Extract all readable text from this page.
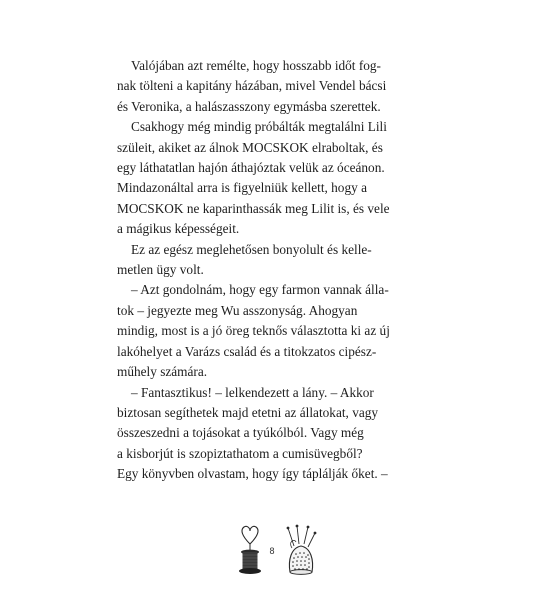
Valójában azt remélte, hogy hosszabb időt fog-
nak tölteni a kapitány házában, mivel Vendel bácsi
és Veronika, a halászasszony egymásba szerettek.
Csakhogy még mindig próbálták megtalálni Lili
szüleit, akiket az álnok MOCSKOK elraboltak, és
egy láthatatlan hajón áthajóztak velük az óceánon.
Mindazonáltal arra is figyelniük kellett, hogy a
MOCSKOK ne kaparinthassák meg Lilit is, és vele
a mágikus képességeit.
Ez az egész meglehetősen bonyolult és kelle-
metlen ügy volt.
– Azt gondolnám, hogy egy farmon vannak álla-
tok – jegyezte meg Wu asszonyság. Ahogyan
mindig, most is a jó öreg teknős választotta ki az új
lakóhelyet a Varázs család és a titokzatos cipész-
műhely számára.
– Fantasztikus! – lelkendezett a lány. – Akkor
biztosan segíthetek majd etetni az állatokat, vagy
összeszedni a tojásokat a tyúkólból. Vagy még
a kisborjút is szopiztathatom a cumisüvegből?
Egy könyvben olvastam, hogy így táplálják őket. –
8
